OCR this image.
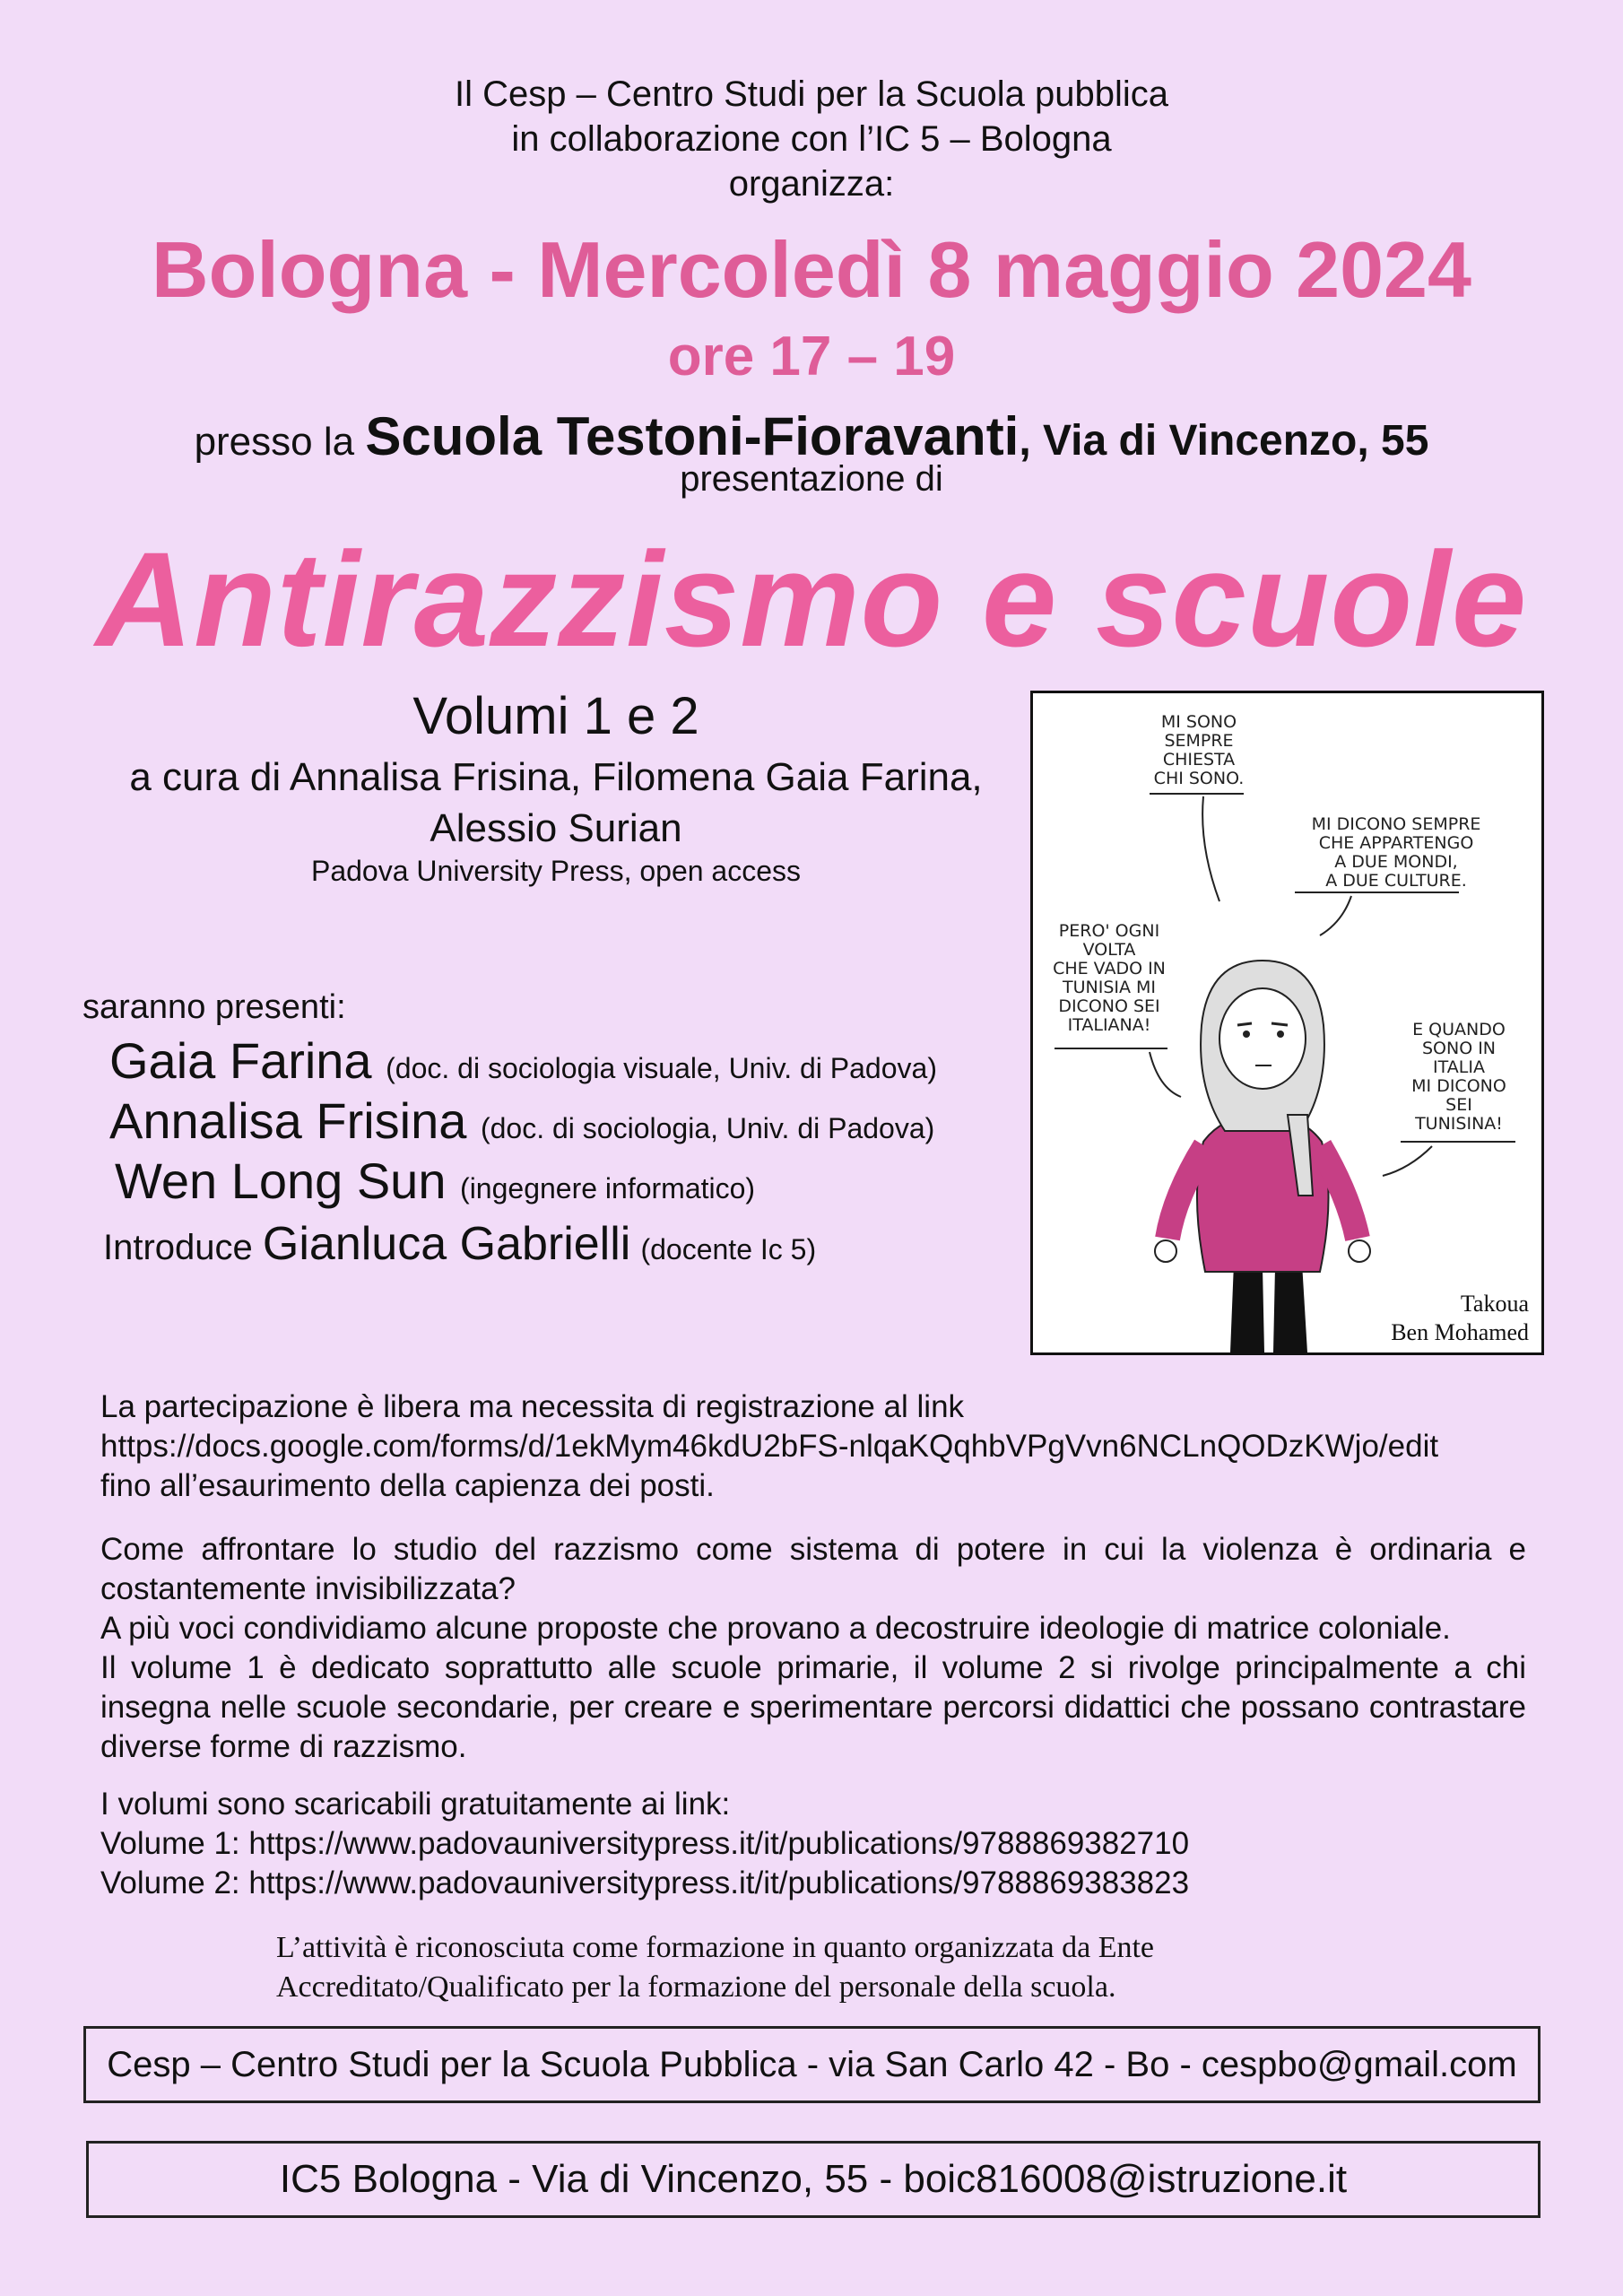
Il Cesp – Centro Studi per la Scuola pubblica
in collaborazione con l’IC 5 – Bologna
organizza:
Bologna - Mercoledì 8 maggio 2024
ore 17 – 19
presso la Scuola Testoni-Fioravanti, Via di Vincenzo, 55
presentazione di
Antirazzismo e scuole
Volumi 1 e 2
a cura di Annalisa Frisina, Filomena Gaia Farina,
Alessio Surian
Padova University Press, open access
saranno presenti:
Gaia Farina (doc. di sociologia visuale, Univ. di Padova)
Annalisa Frisina (doc. di sociologia, Univ. di Padova)
Wen Long Sun (ingegnere informatico)
Introduce Gianluca Gabrielli (docente Ic 5)
MI SONO
SEMPRE
CHIESTA
CHI SONO.
MI DICONO SEMPRE
CHE APPARTENGO
A DUE MONDI,
A DUE CULTURE.
PERO' OGNI
VOLTA
CHE VADO IN
TUNISIA MI
DICONO SEI
ITALIANA!	E QUANDO
SONO IN
ITALIA
MI DICONO
SEI
TUNISINA!
Takoua
Ben Mohamed
La partecipazione è libera ma necessita di registrazione al link
https://docs.google.com/forms/d/1ekMym46kdU2bFS-nlqaKQqhbVPgVvn6NCLnQODzKWjo/edit
fino all’esaurimento della capienza dei posti.
Come affrontare lo studio del razzismo come sistema di potere in cui la violenza è ordinaria e
costantemente invisibilizzata?
A più voci condividiamo alcune proposte che provano a decostruire ideologie di matrice coloniale.
Il volume 1 è dedicato soprattutto alle scuole primarie, il volume 2 si rivolge principalmente a chi
insegna nelle scuole secondarie, per creare e sperimentare percorsi didattici che possano contrastare
diverse forme di razzismo.
I volumi sono scaricabili gratuitamente ai link:
Volume 1: https://www.padovauniversitypress.it/it/publications/9788869382710
Volume 2: https://www.padovauniversitypress.it/it/publications/9788869383823
L’attività è riconosciuta come formazione in quanto organizzata da Ente
Accreditato/Qualificato per la formazione del personale della scuola.
Cesp – Centro Studi per la Scuola Pubblica - via San Carlo 42 - Bo - cespbo@gmail.com
IC5 Bologna - Via di Vincenzo, 55 - boic816008@istruzione.it
